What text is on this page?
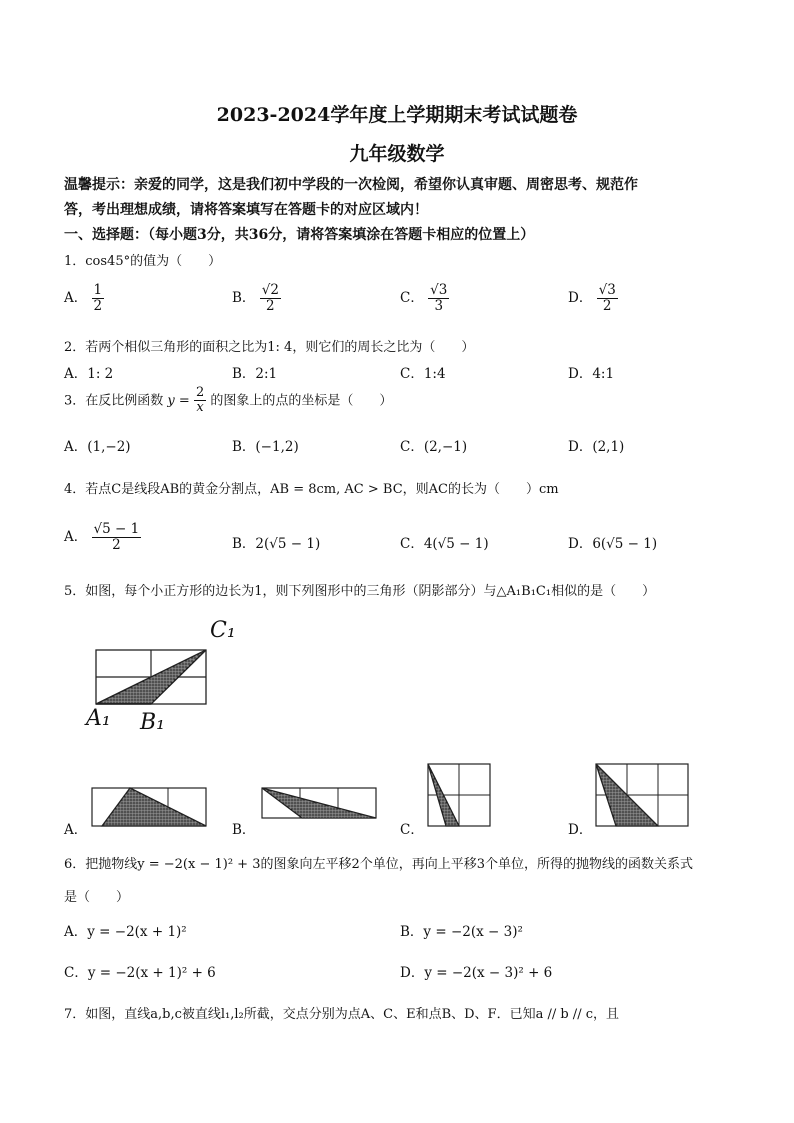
2023-2024学年度上学期期末考试试题卷
九年级数学
温馨提示：亲爱的同学，这是我们初中学段的一次检阅，希望你认真审题、周密思考、规范作
答，考出理想成绩，请将答案填写在答题卡的对应区域内！
一、选择题：（每小题3分，共36分，请将答案填涂在答题卡相应的位置上）
1．cos45°的值为（　　）
A． $\frac{1}{2}$	B． $\frac{√2}{2}$	C． $\frac{√3}{3}$	D． $\frac{√3}{2}$
2．若两个相似三角形的面积之比为1: 4，则它们的周长之比为（　　）
A．1: 2	B．2:1	C．1:4	D．4:1
3．在反比例函数 $y = \frac{2}{x}$ 的图象上的点的坐标是（　　）
A．(1,−2)	B．(−1,2)	C．(2,−1)	D．(2,1)
4．若点C是线段AB的黄金分割点，AB = 8cm, AC > BC，则AC的长为（　　）cm
A． $\frac{√5 - 1}{2}$	B．2(√5 − 1)	C．4(√5 − 1)	D．6(√5 − 1)
5．如图，每个小正方形的边长为1，则下列图形中的三角形（阴影部分）与△A₁B₁C₁相似的是（　　）
C₁
A₁ B₁
A．	B．	C．	D．
6．把抛物线y = −2(x − 1)² + 3的图象向左平移2个单位，再向上平移3个单位，所得的抛物线的函数关系式
是（　　）
A．y = −2(x + 1)²	B．y = −2(x − 3)²
C．y = −2(x + 1)² + 6	D．y = −2(x − 3)² + 6
7．如图，直线a,b,c被直线l₁,l₂所截，交点分别为点A、C、E和点B、D、F．已知a // b // c，且
